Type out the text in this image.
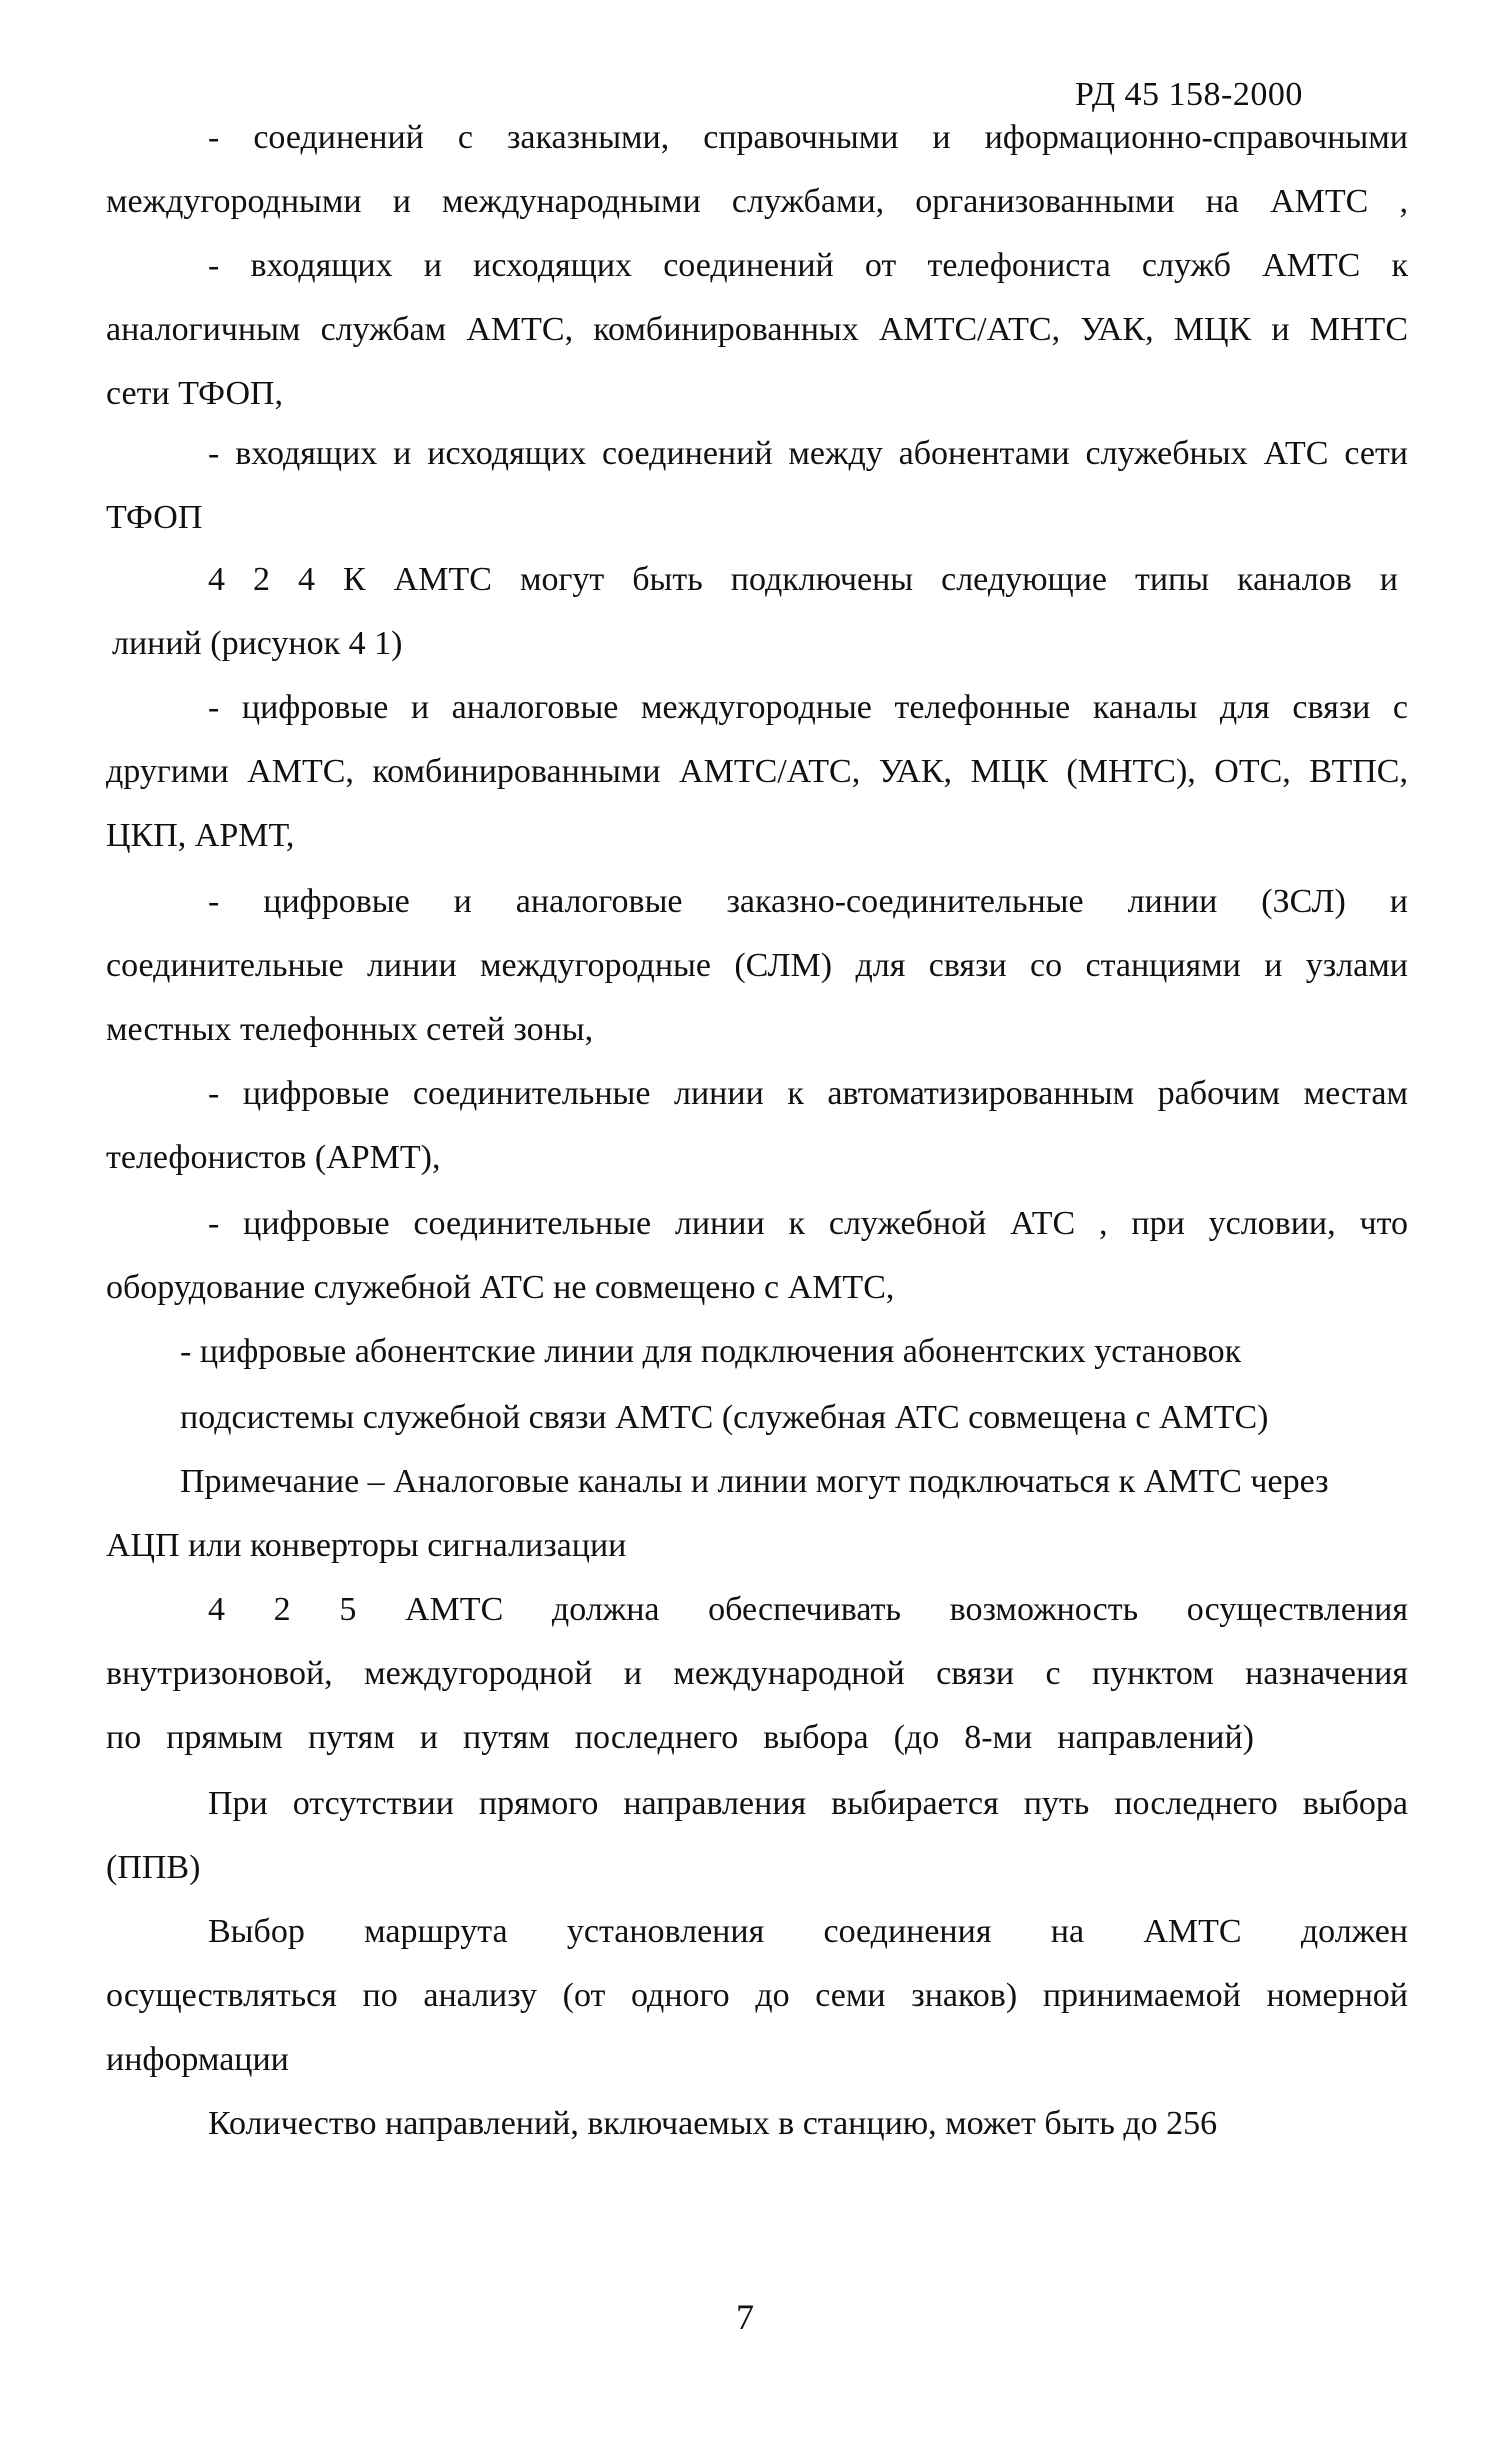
РД 45 158-2000
- соединений с заказными, справочными и иформационно-справочными
междугородными и международными службами, организованными на АМТС ,
- входящих и исходящих соединений от телефониста служб АМТС к
аналогичным службам АМТС, комбинированных АМТС/АТС, УАК, МЦК и МНТС
сети ТФОП,
- входящих и исходящих соединений между абонентами служебных АТС сети
ТФОП
4 2 4 К АМТС могут быть подключены следующие типы каналов и
линий (рисунок 4 1)
- цифровые и аналоговые междугородные телефонные каналы для связи с
другими АМТС, комбинированными АМТС/АТС, УАК, МЦК (МНТС), ОТС, ВТПС,
ЦКП, АРМТ,
- цифровые и аналоговые заказно-соединительные линии (ЗСЛ) и
соединительные линии междугородные (СЛМ) для связи со станциями и узлами
местных телефонных сетей зоны,
- цифровые соединительные линии к автоматизированным рабочим местам
телефонистов (АРМТ),
- цифровые соединительные линии к служебной АТС , при условии, что
оборудование служебной АТС не совмещено с АМТС,
- цифровые абонентские линии для подключения абонентских установок
подсистемы служебной связи АМТС (служебная АТС совмещена с АМТС)
Примечание – Аналоговые каналы и линии могут подключаться к АМТС через
АЦП или конверторы сигнализации
4 2 5 АМТС должна обеспечивать возможность осуществления
внутризоновой, междугородной и международной связи с пунктом назначения
по прямым путям и путям последнего выбора (до 8-ми направлений)
При отсутствии прямого направления выбирается путь последнего выбора
(ППВ)
Выбор маршрута установления соединения на АМТС должен
осуществляться по анализу (от одного до семи знаков) принимаемой номерной
информации
Количество направлений, включаемых в станцию, может быть до 256
7
